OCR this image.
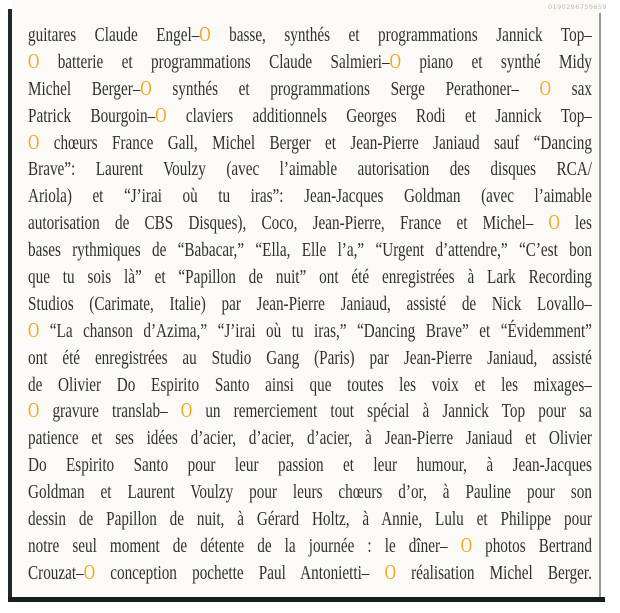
0190296759659
guitares Claude Engel–O basse, synthés et programmations Jannick Top–
O batterie et programmations Claude Salmieri–O piano et synthé Midy
Michel Berger–O synthés et programmations Serge Perathoner– O sax
Patrick Bourgoin–O claviers additionnels Georges Rodi et Jannick Top–
O chœurs France Gall, Michel Berger et Jean-Pierre Janiaud sauf “Dancing
Brave”: Laurent Voulzy (avec l’aimable autorisation des disques RCA/
Ariola) et “J’irai où tu iras”: Jean-Jacques Goldman (avec l’aimable
autorisation de CBS Disques), Coco, Jean-Pierre, France et Michel– O les
bases rythmiques de “Babacar,” “Ella, Elle l’a,” “Urgent d’attendre,” “C’est bon
que tu sois là” et “Papillon de nuit” ont été enregistrées à Lark Recording
Studios (Carimate, Italie) par Jean-Pierre Janiaud, assisté de Nick Lovallo–
O “La chanson d’Azima,” “J’irai où tu iras,” “Dancing Brave” et “Évidemment”
ont été enregistrées au Studio Gang (Paris) par Jean-Pierre Janiaud, assisté
de Olivier Do Espirito Santo ainsi que toutes les voix et les mixages–
O gravure translab– O un remerciement tout spécial à Jannick Top pour sa
patience et ses idées d’acier, d’acier, d’acier, à Jean-Pierre Janiaud et Olivier
Do Espirito Santo pour leur passion et leur humour, à Jean-Jacques
Goldman et Laurent Voulzy pour leurs chœurs d’or, à Pauline pour son
dessin de Papillon de nuit, à Gérard Holtz, à Annie, Lulu et Philippe pour
notre seul moment de détente de la journée : le dîner– O photos Bertrand
Crouzat–O conception pochette Paul Antonietti– O réalisation Michel Berger.
